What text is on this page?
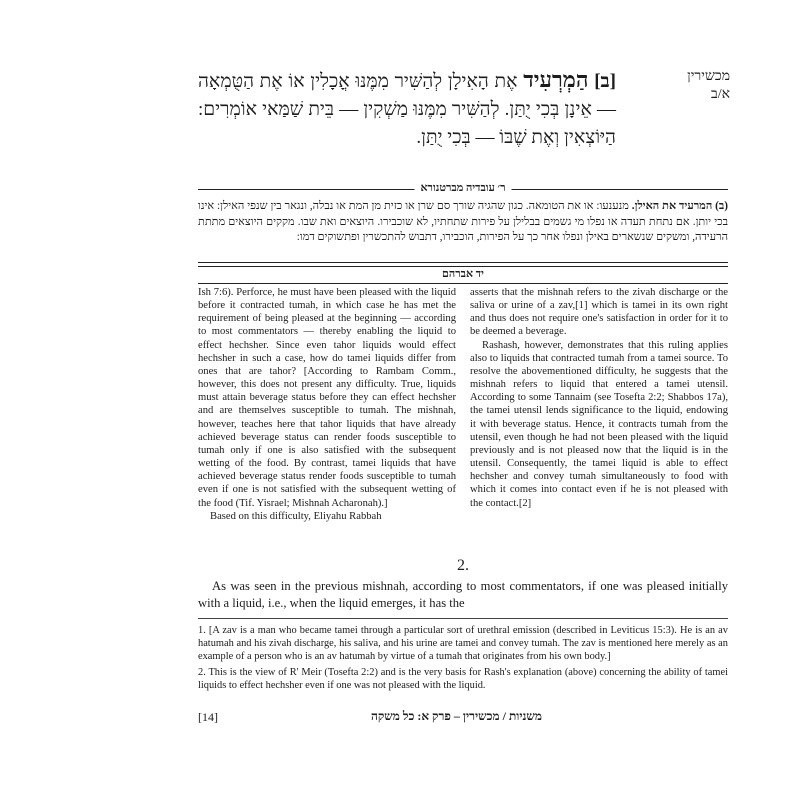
מכשירין
א/ב
[ב] הַמְרְעִיד אֶת הָאִילָן לְהַשִּׁיר מִמֶּנּוּ אֳכָלִין אוֹ אֶת הַטֻּמְאָה — אֵינָן בְּכִי יֻתַּן. לְהַשִּׁיר מִמֶּנּוּ מַשְׁקִין — בֵּית שַׁמַּאי אוֹמְרִים: הַיּוֹצְאִין וְאֶת שֶׁבּוֹ — בְּכִי יֻתַּן.
ר׳ עובדיה מברטנורא
(ב) המרעיד את האילן. מנענעו: או את הטומאה. כגון שהגיה שורך סם שרן או כזית מן המת או נבלה, ונגאר בין שנפי האילן: אינו בכי יותן. אם נתחת תעדה או נפלו מי גשמים בבלילן על פירות שתחתיו, לא שוכבירו. היוצאים ואת שבו. מקקים היוצאים מתתת הרעידה, ומשקים שנשארים באילן ונפלו אחר כך על הפירות, הוכבירו, דתבוש להתכשרין ופתשוקים דמו:
יד אברהם

Ish 7:6). Perforce, he must have been pleased with the liquid before it contracted tumah, in which case he has met the requirement of being pleased at the beginning — according to most commentators — thereby enabling the liquid to effect hechsher. Since even tahor liquids would effect hechsher in such a case, how do tamei liquids differ from ones that are tahor? [According to Rambam Comm., however, this does not present any difficulty. True, liquids must attain beverage status before they can effect hechsher and are themselves susceptible to tumah. The mishnah, however, teaches here that tahor liquids that have already achieved beverage status can render foods susceptible to tumah only if one is also satisfied with the subsequent wetting of the food. By contrast, tamei liquids that have achieved beverage status render foods susceptible to tumah even if one is not satisfied with the subsequent wetting of the food (Tif. Yisrael; Mishnah Acharonah).]

Based on this difficulty, Eliyahu Rabbah

asserts that the mishnah refers to the zivah discharge or the saliva or urine of a zav,[1] which is tamei in its own right and thus does not require one's satisfaction in order for it to be deemed a beverage.

Rashash, however, demonstrates that this ruling applies also to liquids that contracted tumah from a tamei source. To resolve the abovementioned difficulty, he suggests that the mishnah refers to liquid that entered a tamei utensil. According to some Tannaim (see Tosefta 2:2; Shabbos 17a), the tamei utensil lends significance to the liquid, endowing it with beverage status. Hence, it contracts tumah from the utensil, even though he had not been pleased with the liquid previously and is not pleased now that the liquid is in the utensil. Consequently, the tamei liquid is able to effect hechsher and convey tumah simultaneously to food with which it comes into contact even if he is not pleased with the contact.[2]

2.
As was seen in the previous mishnah, according to most commentators, if one was pleased initially with a liquid, i.e., when the liquid emerges, it has the

1. [A zav is a man who became tamei through a particular sort of urethral emission (described in Leviticus 15:3). He is an av hatumah and his zivah discharge, his saliva, and his urine are tamei and convey tumah. The zav is mentioned here merely as an example of a person who is an av hatumah by virtue of a tumah that originates from his own body.]

2. This is the view of R' Meir (Tosefta 2:2) and is the very basis for Rash's explanation (above) concerning the ability of tamei liquids to effect hechsher even if one was not pleased with the liquid.

[14]	משניות / מכשירין – פרק א: כל משקה
